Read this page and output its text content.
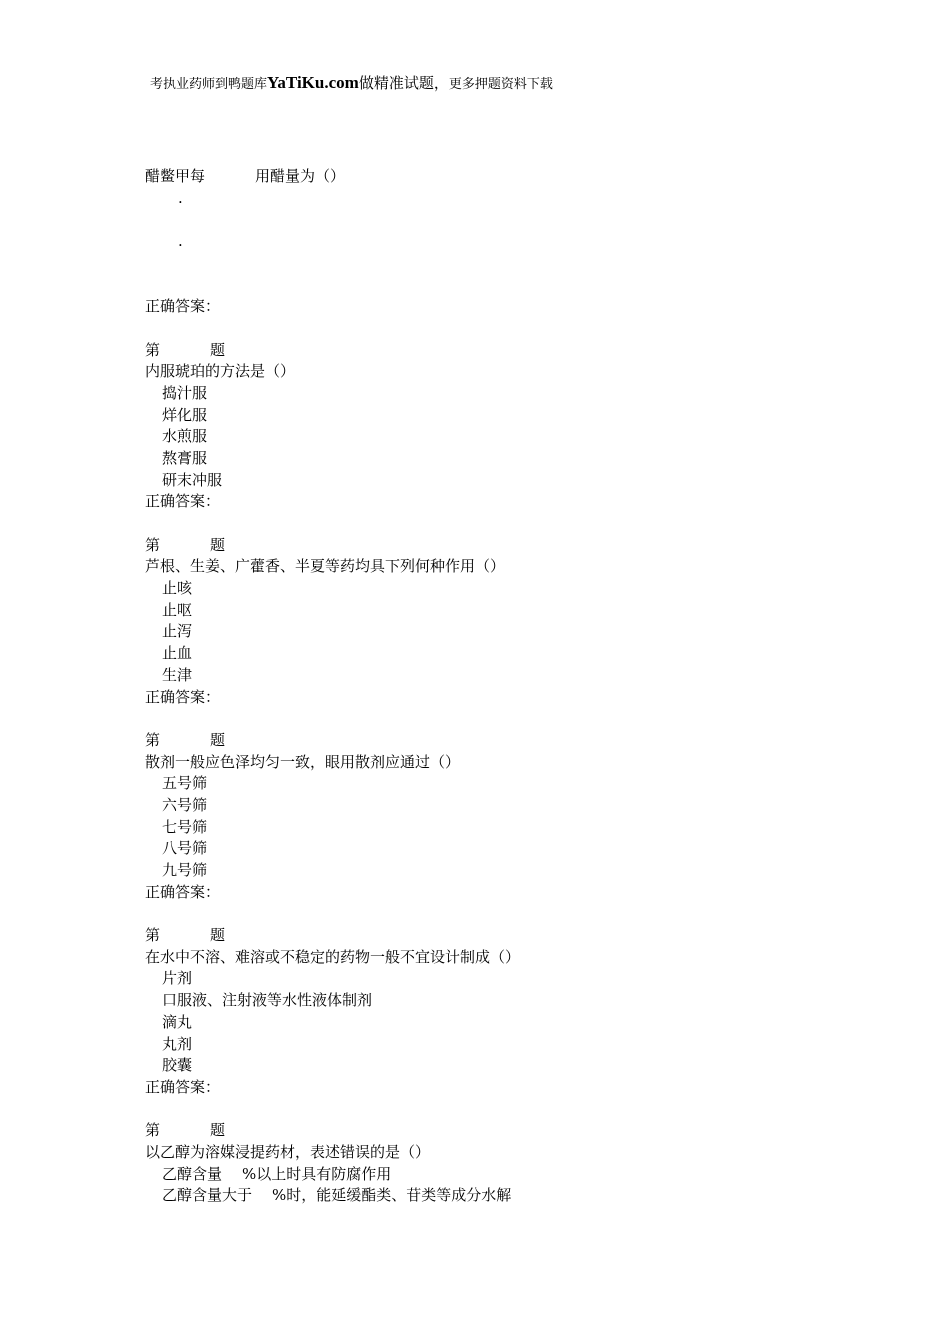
考执业药师到鸭题库 YaTiKu.com 做精准试题， 更多押题资料下载
醋鳖甲每	用醋量为（）
.
.
正确答案：
第	题
内服琥珀的方法是（）
捣汁服
烊化服
水煎服
熬膏服
研末冲服
正确答案：
第	题
芦根、生姜、广藿香、半夏等药均具下列何种作用（）
止咳
止呕
止泻
止血
生津
正确答案：
第	题
散剂一般应色泽均匀一致，眼用散剂应通过（）
五号筛
六号筛
七号筛
八号筛
九号筛
正确答案：
第	题
在水中不溶、难溶或不稳定的药物一般不宜设计制成（）
片剂
口服液、注射液等水性液体制剂
滴丸
丸剂
胶囊
正确答案：
第	题
以乙醇为溶媒浸提药材，表述错误的是（）
乙醇含量 %以上时具有防腐作用
乙醇含量大于 %时，能延缓酯类、苷类等成分水解
